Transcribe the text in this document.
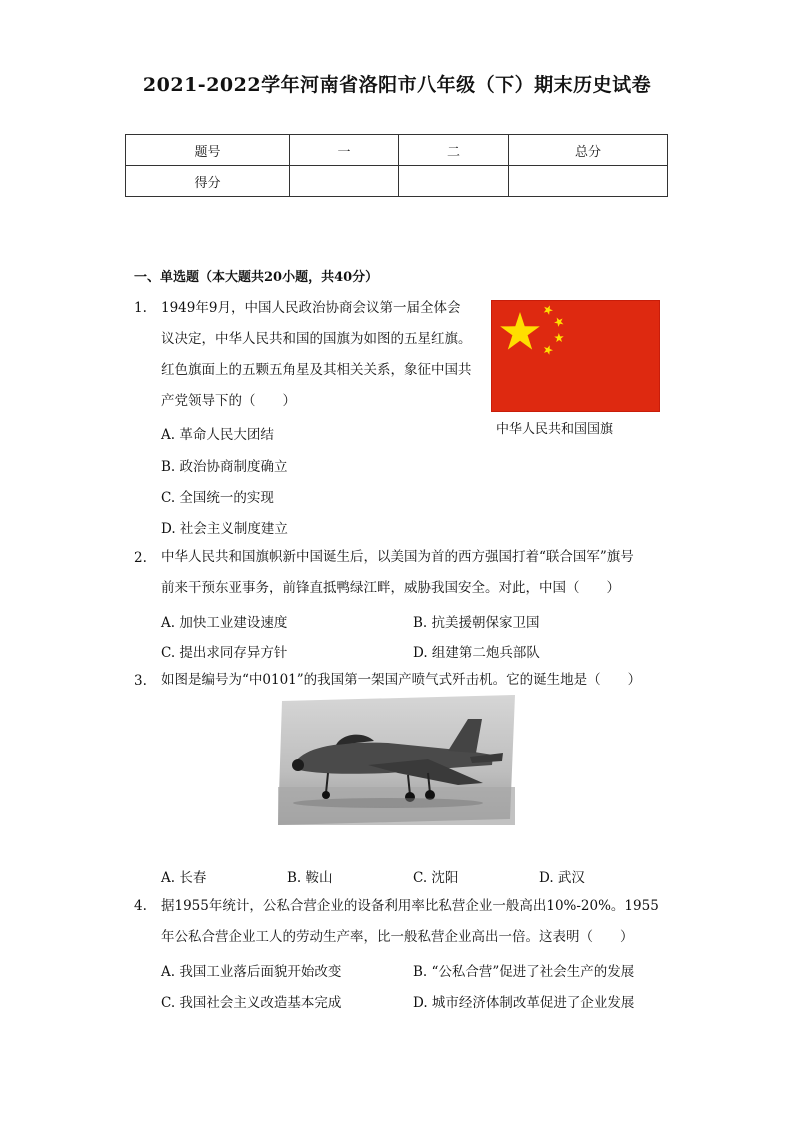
2021-2022学年河南省洛阳市八年级（下）期末历史试卷
题号	一	二	总分
得分			
一、单选题（本大题共20小题，共40分）
1. 1949年9月，中国人民政治协商会议第一届全体会
议决定，中华人民共和国的国旗为如图的五星红旗。
红色旗面上的五颗五角星及其相关关系，象征中国共
产党领导下的（　　）
中华人民共和国国旗
A. 革命人民大团结
B. 政治协商制度确立
C. 全国统一的实现
D. 社会主义制度建立
2. 中华人民共和国旗帜新中国诞生后，以美国为首的西方强国打着“联合国军”旗号
前来干预东亚事务，前锋直抵鸭绿江畔，威胁我国安全。对此，中国（　　）
A. 加快工业建设速度	B. 抗美援朝保家卫国
C. 提出求同存异方针	D. 组建第二炮兵部队
3. 如图是编号为“中0101”的我国第一架国产喷气式歼击机。它的诞生地是（　　）
A. 长春	B. 鞍山	C. 沈阳	D. 武汉
4. 据1955年统计，公私合营企业的设备利用率比私营企业一般高出10%-20%。1955
年公私合营企业工人的劳动生产率，比一般私营企业高出一倍。这表明（　　）
A. 我国工业落后面貌开始改变	B. “公私合营”促进了社会生产的发展
C. 我国社会主义改造基本完成	D. 城市经济体制改革促进了企业发展
